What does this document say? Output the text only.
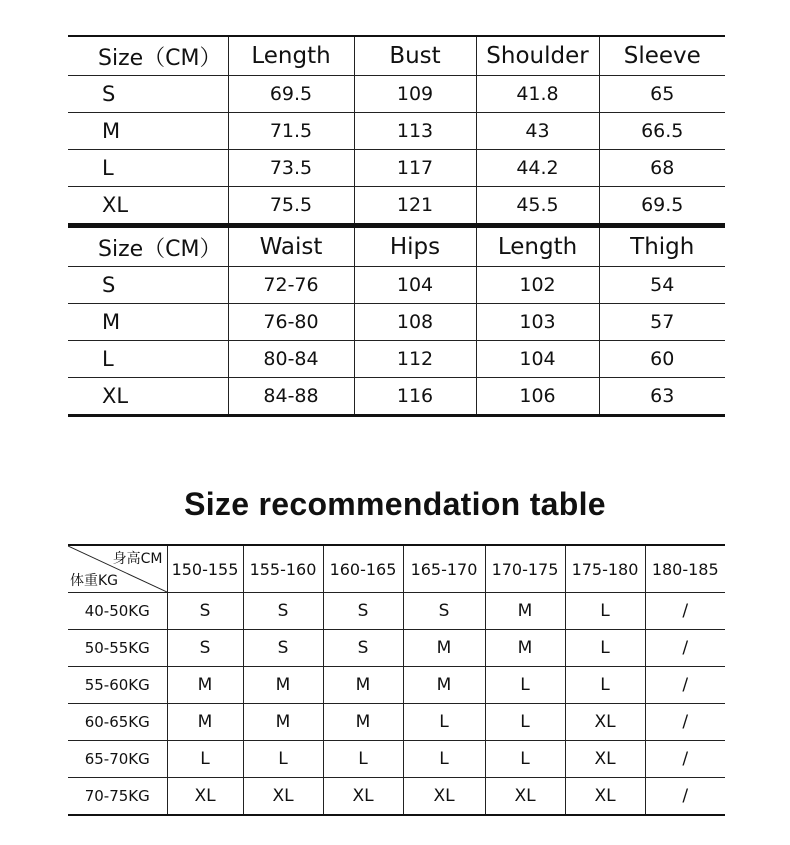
Size（CM）	Length	Bust	Shoulder	Sleeve
S	69.5	109	41.8	65
M	71.5	113	43	66.5
L	73.5	117	44.2	68
XL	75.5	121	45.5	69.5
Size（CM）	Waist	Hips	Length	Thigh
S	72-76	104	102	54
M	76-80	108	103	57
L	80-84	112	104	60
XL	84-88	116	106	63
Size recommendation table
身高CM
体重KG	150-155	155-160	160-165	165-170	170-175	175-180	180-185
40-50KG	S	S	S	S	M	L	/
50-55KG	S	S	S	M	M	L	/
55-60KG	M	M	M	M	L	L	/
60-65KG	M	M	M	L	L	XL	/
65-70KG	L	L	L	L	L	XL	/
70-75KG	XL	XL	XL	XL	XL	XL	/
